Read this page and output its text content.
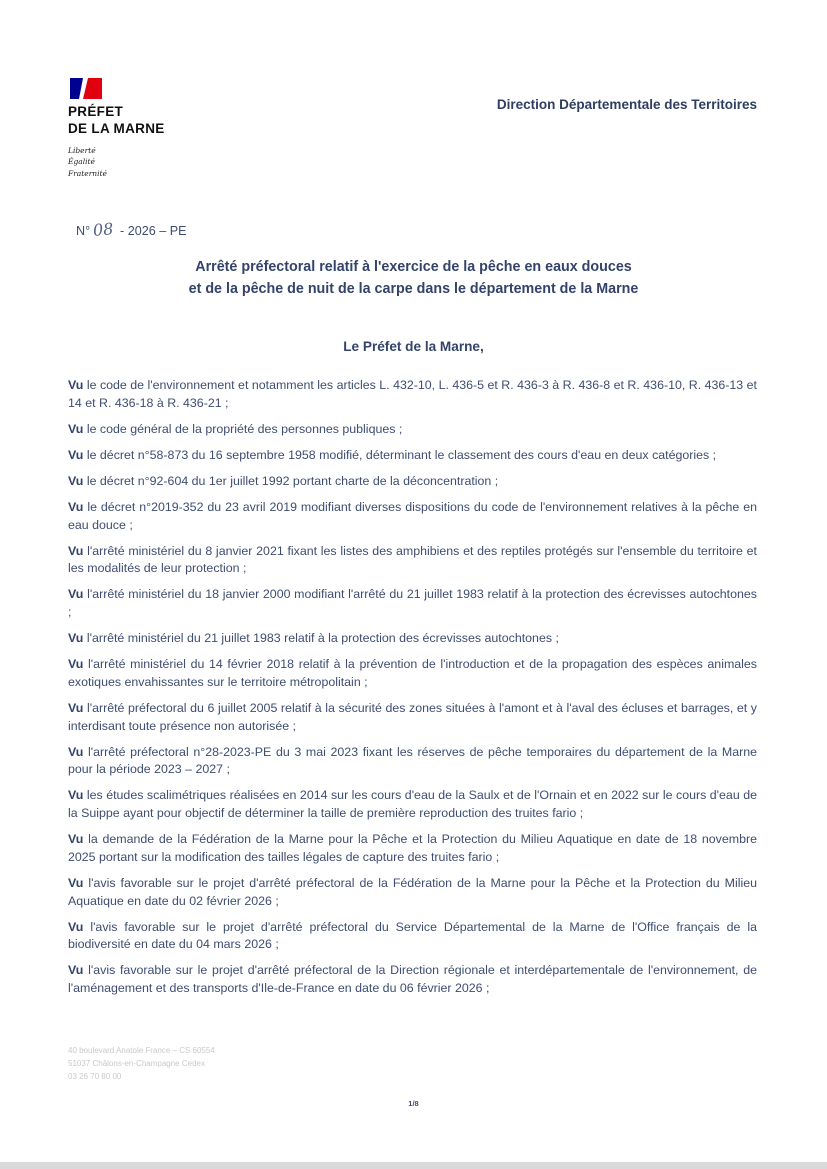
PRÉFET
DE LA MARNE
Liberté
Égalité
Fraternité
Direction Départementale des Territoires
N° 08 - 2026 – PE
Arrêté préfectoral relatif à l'exercice de la pêche en eaux douces
et de la pêche de nuit de la carpe dans le département de la Marne
Le Préfet de la Marne,

Vu le code de l'environnement et notamment les articles L. 432-10, L. 436-5 et R. 436-3 à R. 436-8 et R. 436-10, R. 436-13 et 14 et R. 436-18 à R. 436-21 ;

Vu le code général de la propriété des personnes publiques ;

Vu le décret n°58-873 du 16 septembre 1958 modifié, déterminant le classement des cours d'eau en deux catégories ;

Vu le décret n°92-604 du 1er juillet 1992 portant charte de la déconcentration ;

Vu le décret n°2019-352 du 23 avril 2019 modifiant diverses dispositions du code de l'environnement relatives à la pêche en eau douce ;

Vu l'arrêté ministériel du 8 janvier 2021 fixant les listes des amphibiens et des reptiles protégés sur l'ensemble du territoire et les modalités de leur protection ;

Vu l'arrêté ministériel du 18 janvier 2000 modifiant l'arrêté du 21 juillet 1983 relatif à la protection des écrevisses autochtones ;

Vu l'arrêté ministériel du 21 juillet 1983 relatif à la protection des écrevisses autochtones ;

Vu l'arrêté ministériel du 14 février 2018 relatif à la prévention de l'introduction et de la propagation des espèces animales exotiques envahissantes sur le territoire métropolitain ;

Vu l'arrêté préfectoral du 6 juillet 2005 relatif à la sécurité des zones situées à l'amont et à l'aval des écluses et barrages, et y interdisant toute présence non autorisée ;

Vu l'arrêté préfectoral n°28-2023-PE du 3 mai 2023 fixant les réserves de pêche temporaires du département de la Marne pour la période 2023 – 2027 ;

Vu les études scalimétriques réalisées en 2014 sur les cours d'eau de la Saulx et de l'Ornain et en 2022 sur le cours d'eau de la Suippe ayant pour objectif de déterminer la taille de première reproduction des truites fario ;

Vu la demande de la Fédération de la Marne pour la Pêche et la Protection du Milieu Aquatique en date de 18 novembre 2025 portant sur la modification des tailles légales de capture des truites fario ;

Vu l'avis favorable sur le projet d'arrêté préfectoral de la Fédération de la Marne pour la Pêche et la Protection du Milieu Aquatique en date du 02 février 2026 ;

Vu l'avis favorable sur le projet d'arrêté préfectoral du Service Départemental de la Marne de l'Office français de la biodiversité en date du 04 mars 2026 ;

Vu l'avis favorable sur le projet d'arrêté préfectoral de la Direction régionale et interdépartementale de l'environnement, de l'aménagement et des transports d'Ile-de-France en date du 06 février 2026 ;

40 boulevard Anatole France – CS 60554
51037 Châlons-en-Champagne Cedex
03 26 70 80 00
1/8
